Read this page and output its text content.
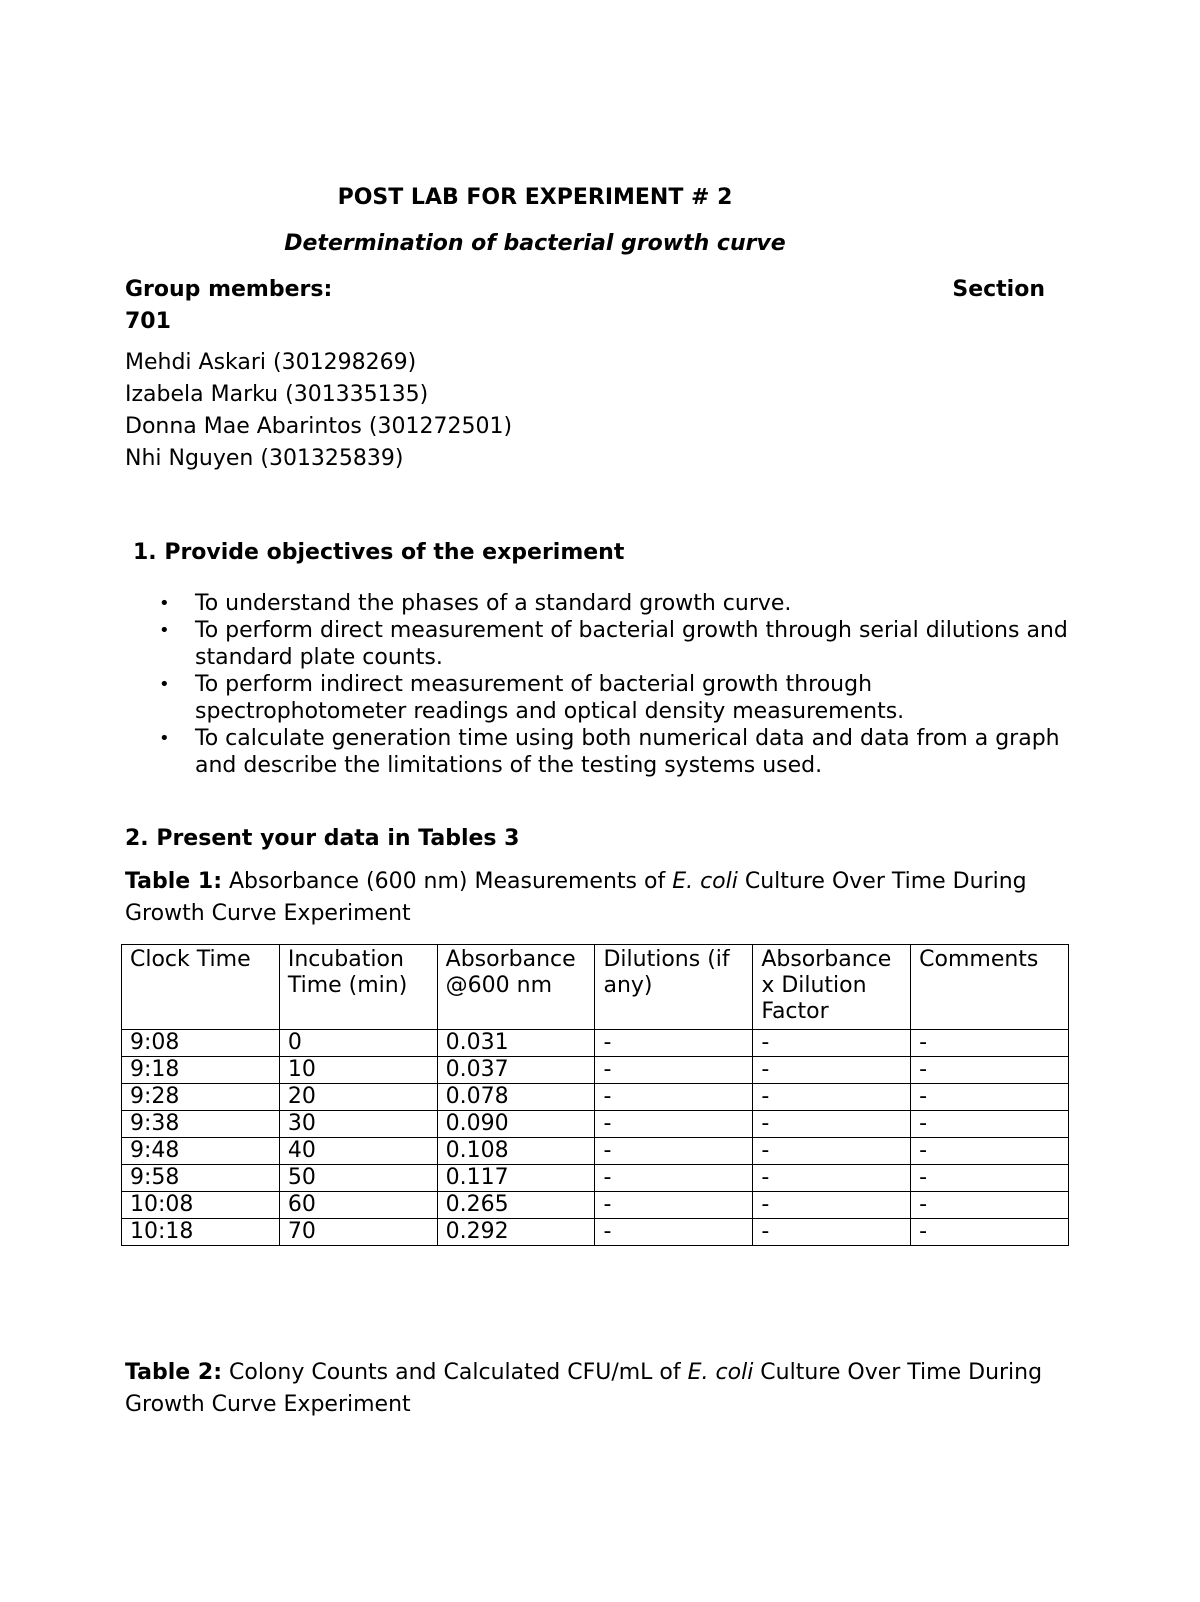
POST LAB FOR EXPERIMENT # 2
Determination of bacterial growth curve
Group members:	Section
701
Mehdi Askari (301298269)
Izabela Marku (301335135)
Donna Mae Abarintos (301272501)
Nhi Nguyen (301325839)
1. Provide objectives of the experiment
• To understand the phases of a standard growth curve.
• To perform direct measurement of bacterial growth through serial dilutions and standard plate counts.
• To perform indirect measurement of bacterial growth through spectrophotometer readings and optical density measurements.
• To calculate generation time using both numerical data and data from a graph and describe the limitations of the testing systems used.
2. Present your data in Tables 3
Table 1: Absorbance (600 nm) Measurements of E. coli Culture Over Time During Growth Curve Experiment
Clock Time	Incubation Time (min)	Absorbance @600 nm	Dilutions (if any)	Absorbance x Dilution Factor	Comments
9:08	0	0.031	-	-	-
9:18	10	0.037	-	-	-
9:28	20	0.078	-	-	-
9:38	30	0.090	-	-	-
9:48	40	0.108	-	-	-
9:58	50	0.117	-	-	-
10:08	60	0.265	-	-	-
10:18	70	0.292	-	-	-
Table 2: Colony Counts and Calculated CFU/mL of E. coli Culture Over Time During Growth Curve Experiment
